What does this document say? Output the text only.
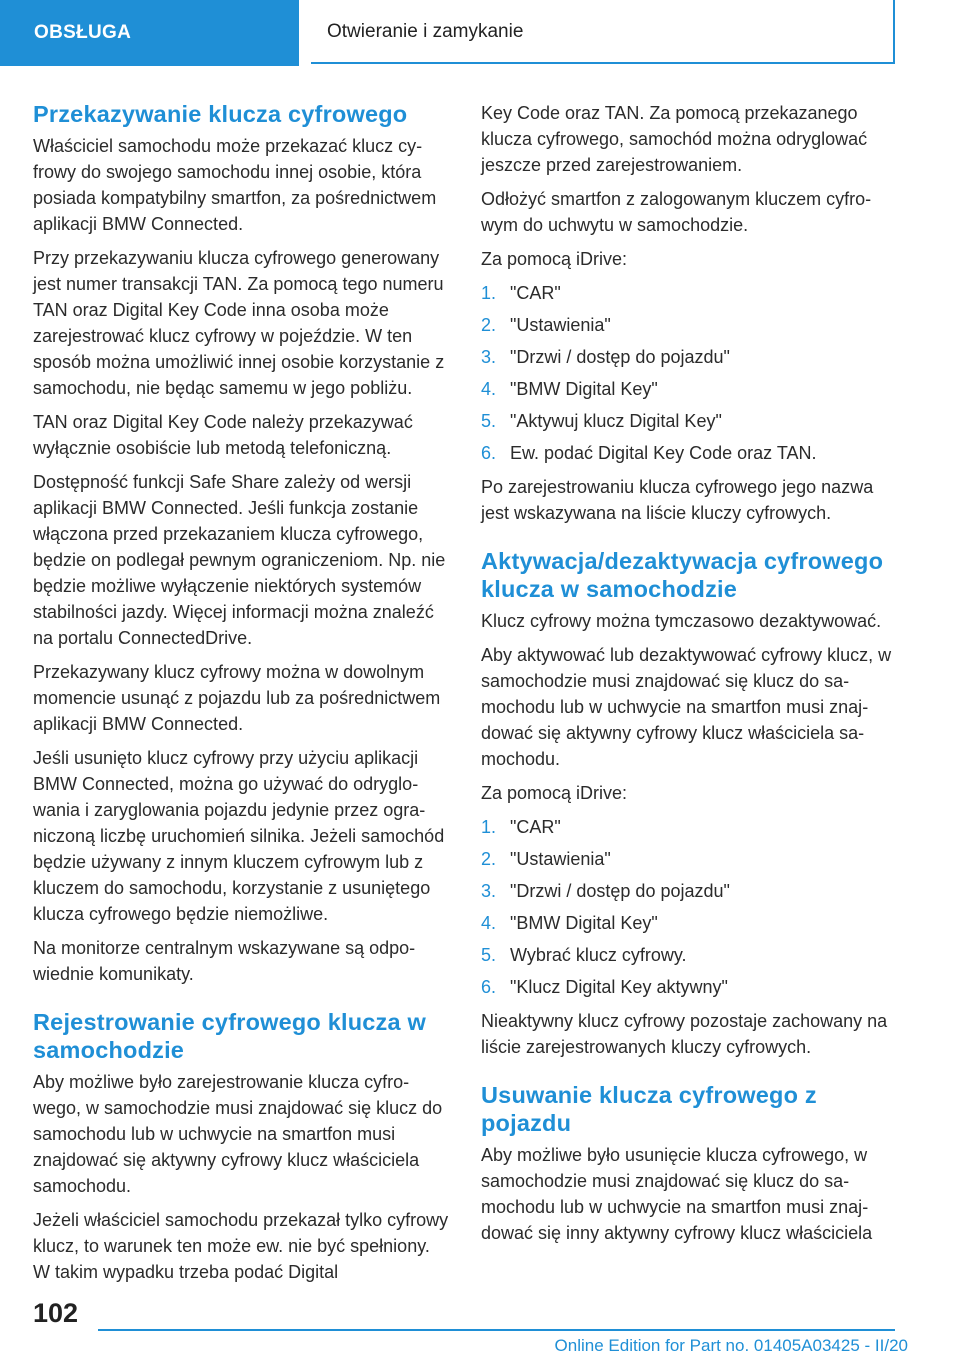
OBSŁUGA	Otwieranie i zamykanie
Przekazywanie klucza cyfrowego

Właściciel samochodu może przekazać klucz cyfrowy do swojego samochodu innej osobie, która posiada kompatybilny smartfon, za pośrednictwem aplikacji BMW Connected.

Przy przekazywaniu klucza cyfrowego generowany jest numer transakcji TAN. Za pomocą tego numeru TAN oraz Digital Key Code inna osoba może zarejestrować klucz cyfrowy w pojeździe. W ten sposób można umożliwić innej osobie korzystanie z samochodu, nie będąc samemu w jego pobliżu.

TAN oraz Digital Key Code należy przekazywać wyłącznie osobiście lub metodą telefoniczną.

Dostępność funkcji Safe Share zależy od wersji aplikacji BMW Connected. Jeśli funkcja zostanie włączona przed przekazaniem klucza cyfrowego, będzie on podlegał pewnym ograniczeniom. Np. nie będzie możliwe wyłączenie niektórych systemów stabilności jazdy. Więcej informacji można znaleźć na portalu ConnectedDrive.

Przekazywany klucz cyfrowy można w dowolnym momencie usunąć z pojazdu lub za pośrednictwem aplikacji BMW Connected.

Jeśli usunięto klucz cyfrowy przy użyciu aplikacji BMW Connected, można go używać do odryglowania i zaryglowania pojazdu jedynie przez ograniczoną liczbę uruchomień silnika. Jeżeli samochód będzie używany z innym kluczem cyfrowym lub z kluczem do samochodu, korzystanie z usuniętego klucza cyfrowego będzie niemożliwe.

Na monitorze centralnym wskazywane są odpowiednie komunikaty.

Rejestrowanie cyfrowego klucza w samochodzie

Aby możliwe było zarejestrowanie klucza cyfrowego, w samochodzie musi znajdować się klucz do samochodu lub w uchwycie na smartfon musi znajdować się aktywny cyfrowy klucz właściciela samochodu.

Jeżeli właściciel samochodu przekazał tylko cyfrowy klucz, to warunek ten może ew. nie być spełniony. W takim wypadku trzeba podać Digital

Key Code oraz TAN. Za pomocą przekazanego klucza cyfrowego, samochód można odryglować jeszcze przed zarejestrowaniem.

Odłożyć smartfon z zalogowanym kluczem cyfrowym do uchwytu w samochodzie.

Za pomocą iDrive:

1. "CAR"
2. "Ustawienia"
3. "Drzwi / dostęp do pojazdu"
4. "BMW Digital Key"
5. "Aktywuj klucz Digital Key"
6. Ew. podać Digital Key Code oraz TAN.

Po zarejestrowaniu klucza cyfrowego jego nazwa jest wskazywana na liście kluczy cyfrowych.

Aktywacja/dezaktywacja cyfrowego klucza w samochodzie

Klucz cyfrowy można tymczasowo dezaktywować.

Aby aktywować lub dezaktywować cyfrowy klucz, w samochodzie musi znajdować się klucz do samochodu lub w uchwycie na smartfon musi znajdować się aktywny cyfrowy klucz właściciela samochodu.

Za pomocą iDrive:

1. "CAR"
2. "Ustawienia"
3. "Drzwi / dostęp do pojazdu"
4. "BMW Digital Key"
5. Wybrać klucz cyfrowy.
6. "Klucz Digital Key aktywny"

Nieaktywny klucz cyfrowy pozostaje zachowany na liście zarejestrowanych kluczy cyfrowych.

Usuwanie klucza cyfrowego z pojazdu

Aby możliwe było usunięcie klucza cyfrowego, w samochodzie musi znajdować się klucz do samochodu lub w uchwycie na smartfon musi znajdować się inny aktywny cyfrowy klucz właściciela

102
Online Edition for Part no. 01405A03425 - II/20
